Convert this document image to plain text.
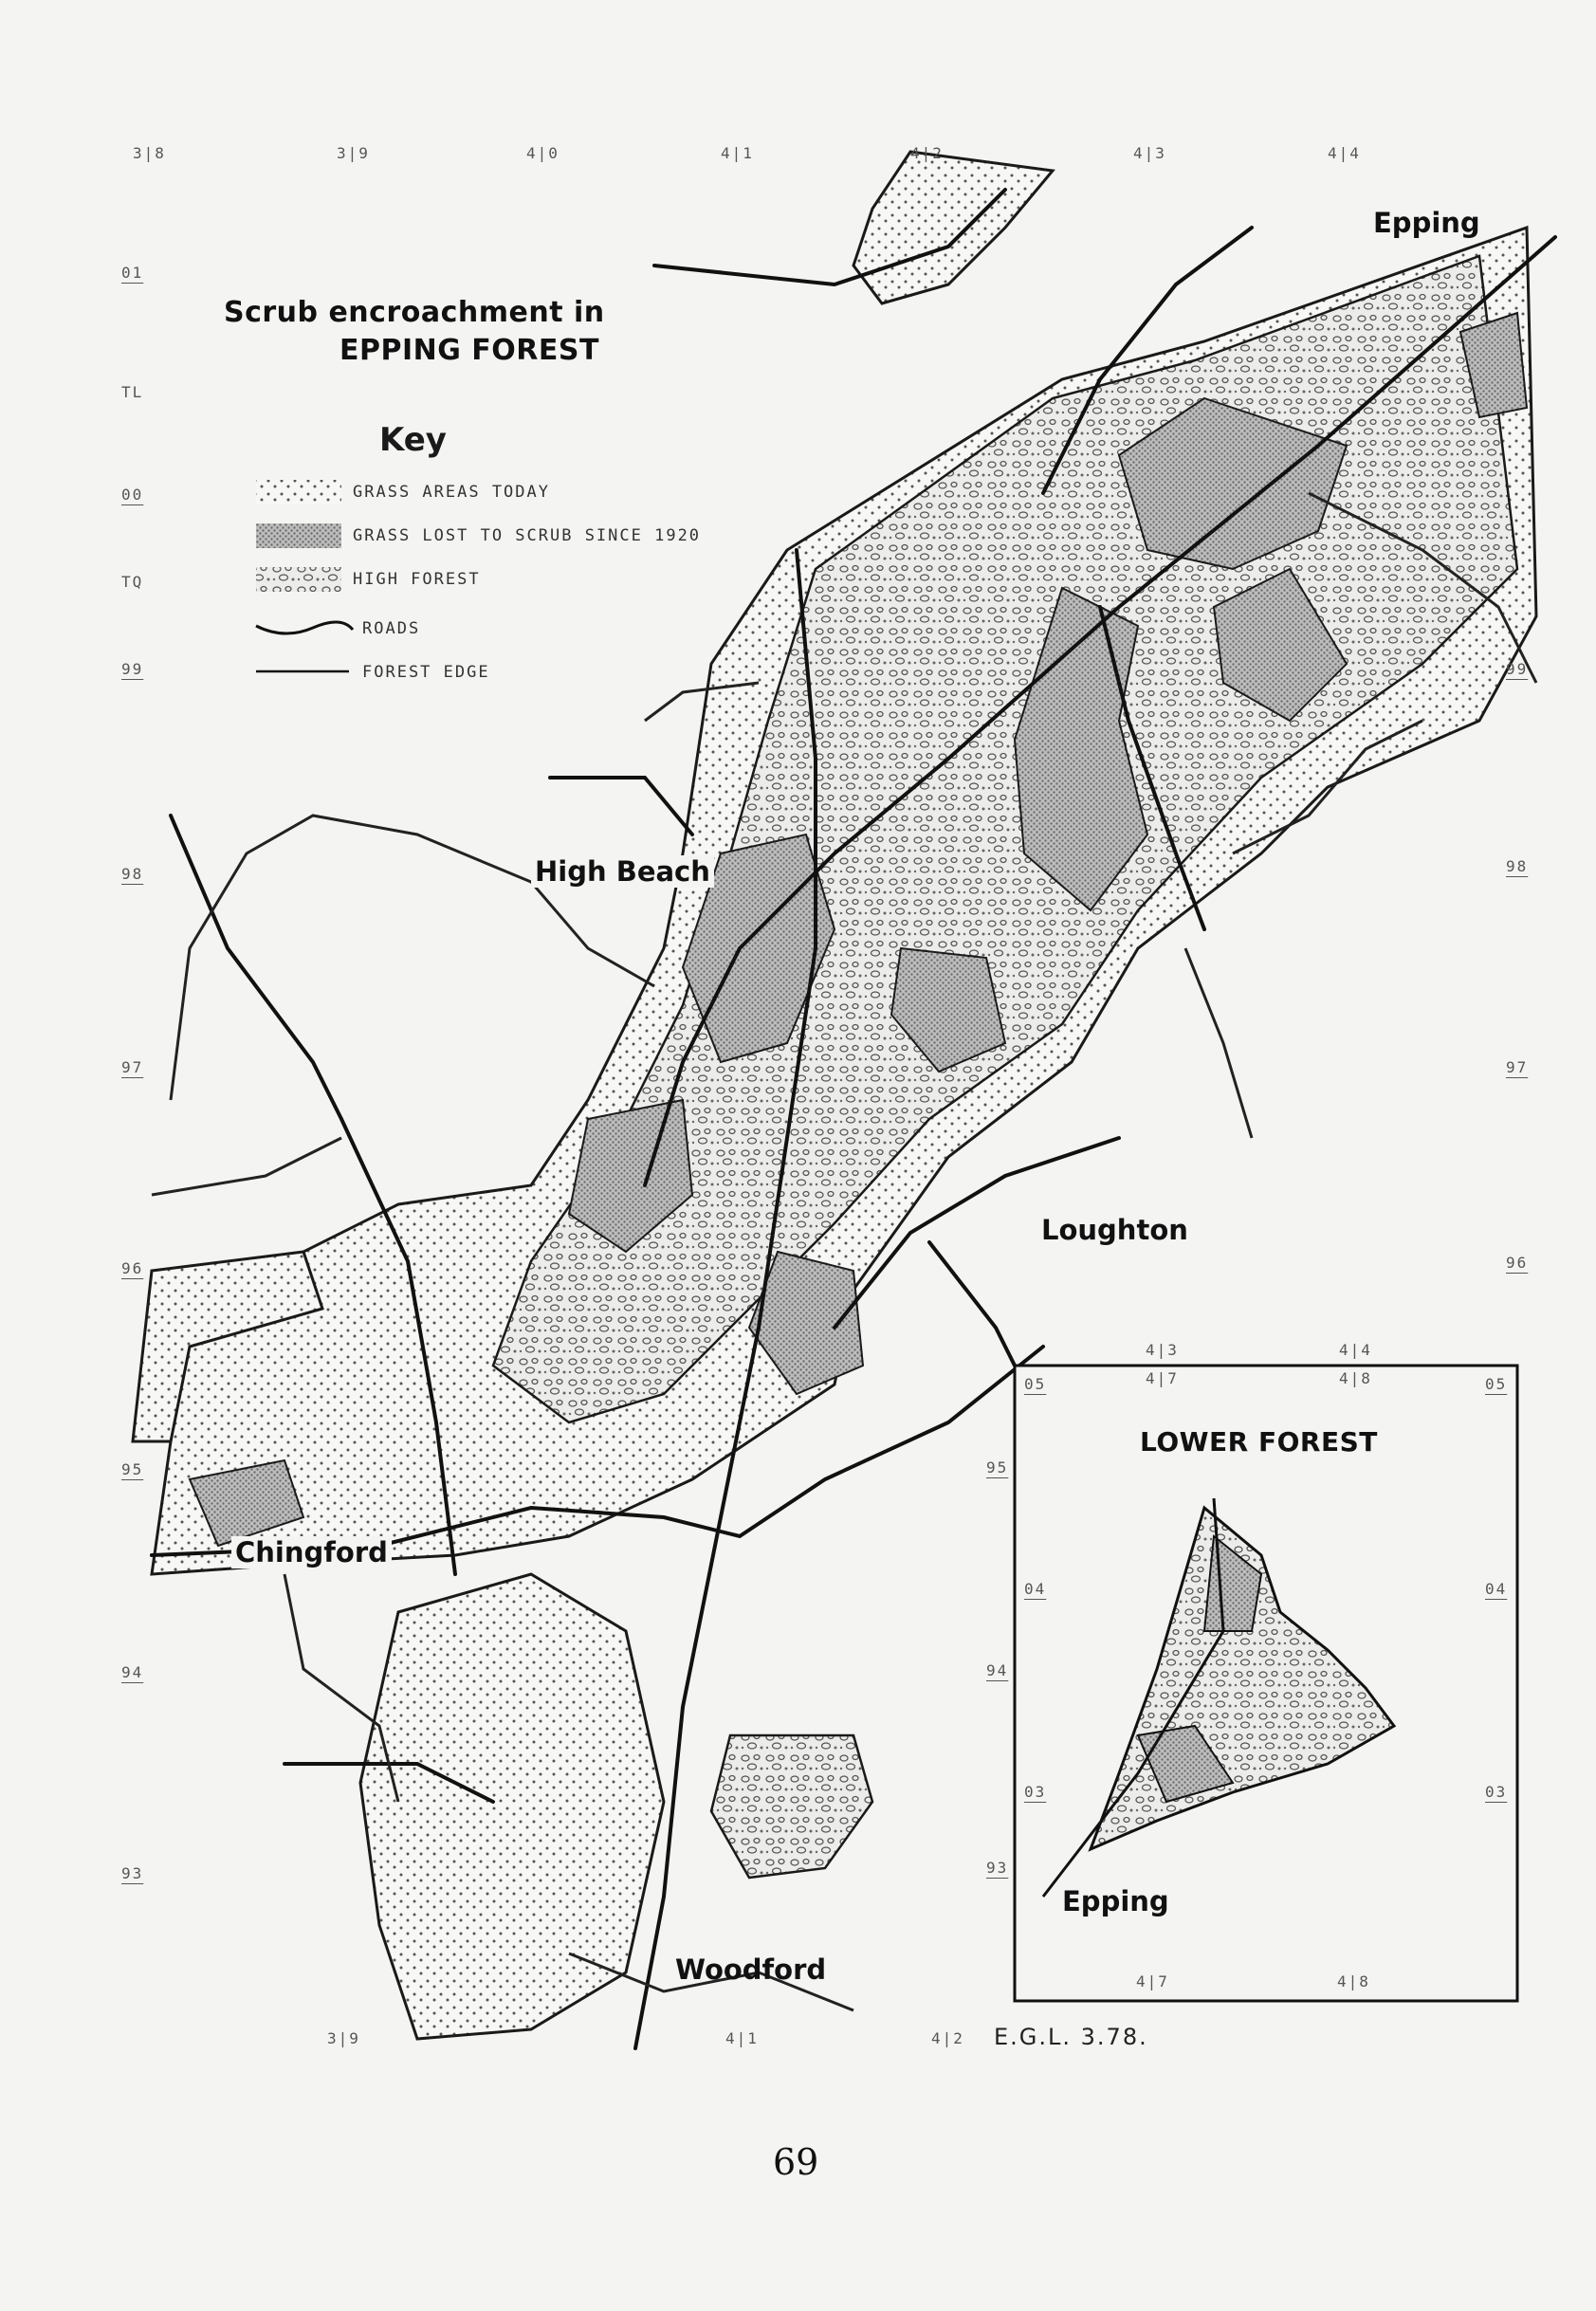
Scrub encroachment in
EPPING FOREST
Key
GRASS AREAS TODAY
GRASS LOST TO SCRUB SINCE 1920
HIGH FOREST
ROADS
FOREST EDGE
Epping
High Beach
Loughton
Chingford
Woodford
3|8	3|9	4|0	4|1	4|2	4|3	4|4
3|9	4|1	4|2
01
TL
00
TQ
99
98
97
96
95
94
93
99
98
97
96
LOWER FOREST
Epping
4|3	4|4
4|7	4|8
4|7	4|8
95
94
93
05
04
03
05
04
03
E.G.L. 3.78.
69
